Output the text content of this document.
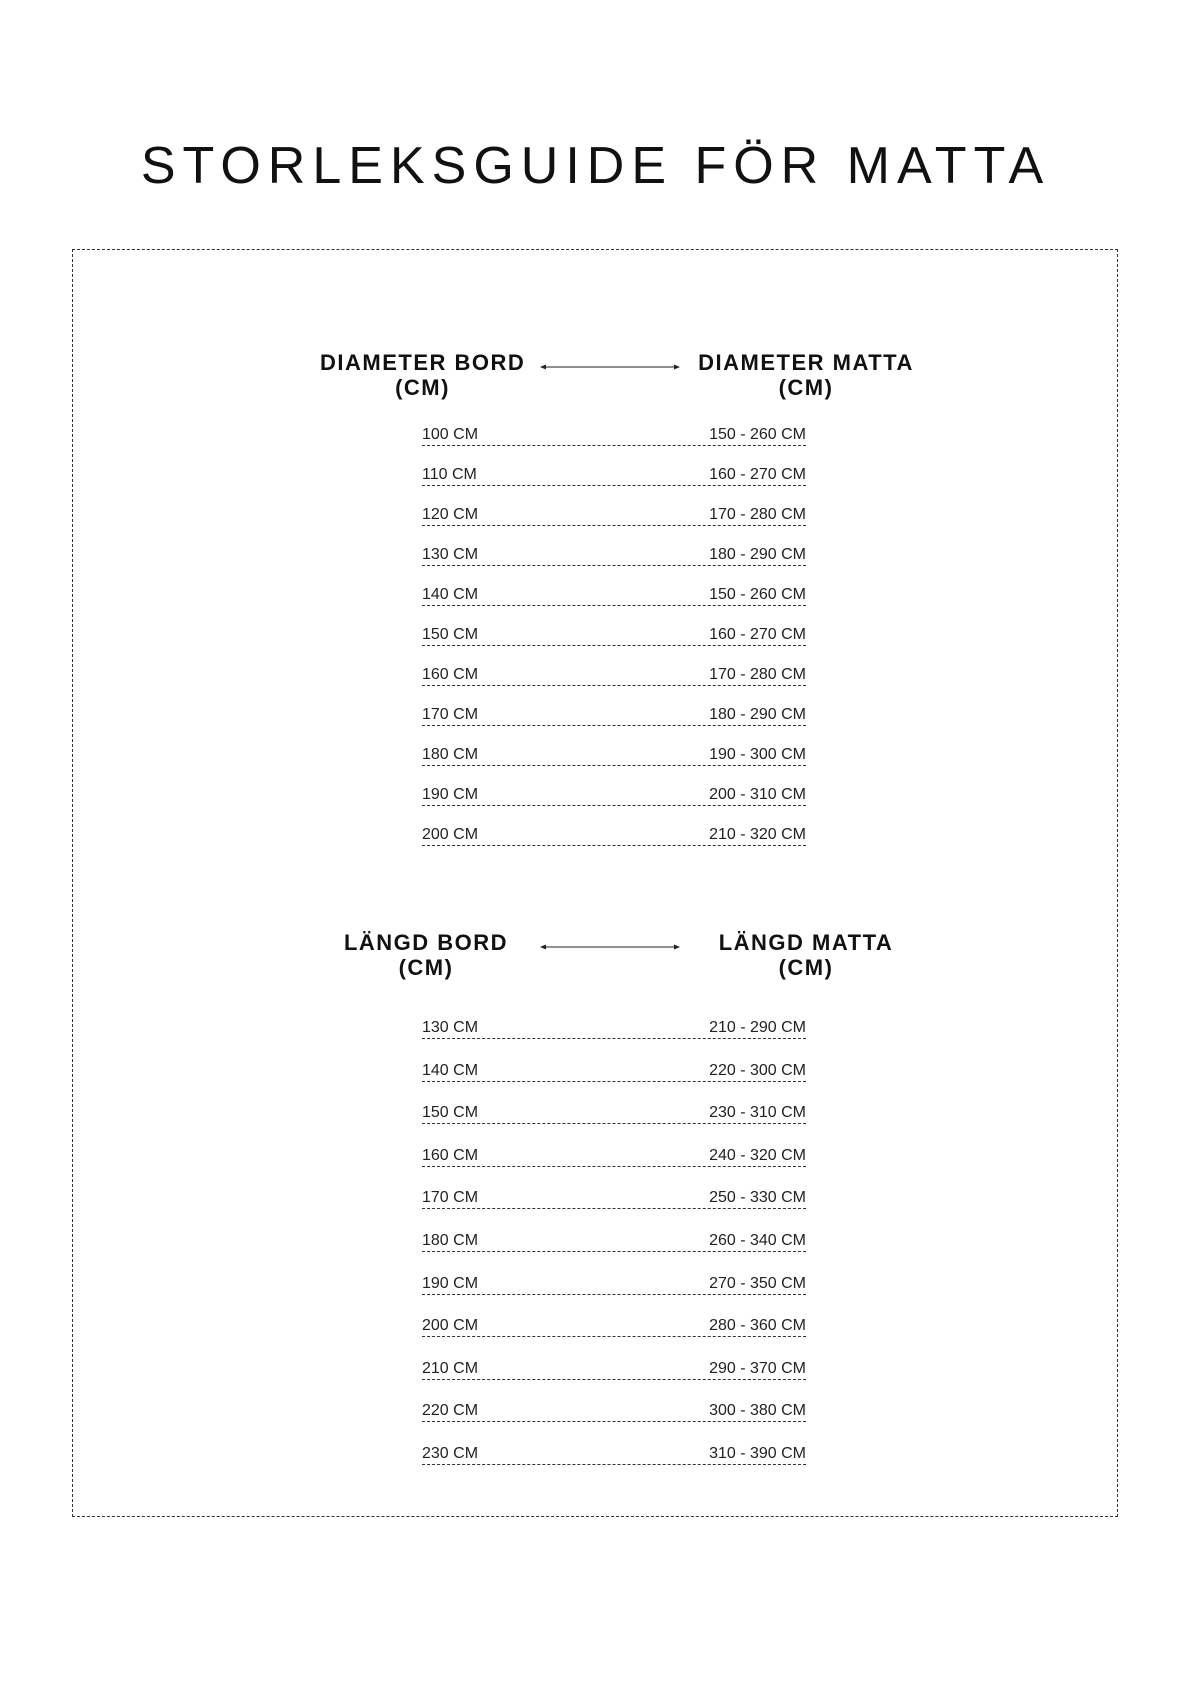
STORLEKSGUIDE FÖR MATTA
DIAMETER BORD
(CM)
DIAMETER MATTA
(CM)
100 CM	150 - 260 CM
110 CM	160 - 270 CM
120 CM	170 - 280 CM
130 CM	180 - 290 CM
140 CM	150 - 260 CM
150 CM	160 - 270 CM
160 CM	170 - 280 CM
170 CM	180 - 290 CM
180 CM	190 - 300 CM
190 CM	200 - 310 CM
200 CM	210 - 320 CM
LÄNGD BORD
(CM)
LÄNGD MATTA
(CM)
130 CM	210 - 290 CM
140 CM	220 - 300 CM
150 CM	230 - 310 CM
160 CM	240 - 320 CM
170 CM	250 - 330 CM
180 CM	260 - 340 CM
190 CM	270 - 350 CM
200 CM	280 - 360 CM
210 CM	290 - 370 CM
220 CM	300 - 380 CM
230 CM	310 - 390 CM
